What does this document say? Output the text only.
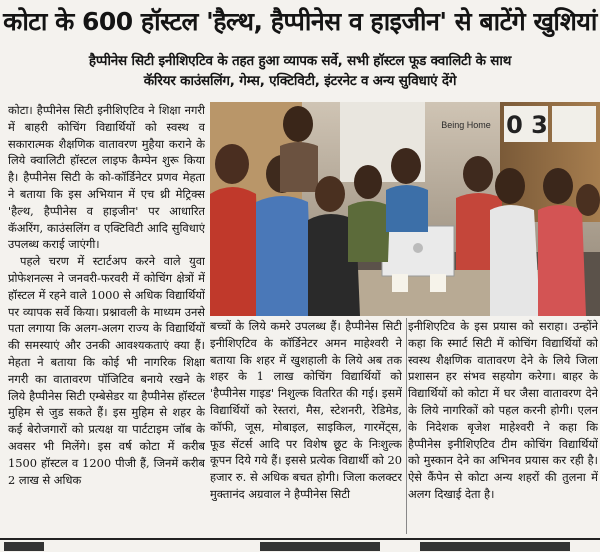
कोटा के 600 हॉस्टल 'हैल्थ, हैप्पीनेस व हाइजीन' से बाटेंगे खुशियां
हैप्पीनेस सिटी इनीशिएटिव के तहत हुआ व्यापक सर्वे, सभी हॉस्टल फूड क्वालिटी के साथ
कॅरियर काउंसलिंग, गेम्स, एक्टिविटी, इंटरनेट व अन्य सुविधाएं देंगे

कोटा। हैप्पीनेस सिटी इनीशिएटिव ने शिक्षा नगरी में बाहरी कोचिंग विद्यार्थियों को स्वस्थ व सकारात्मक शैक्षणिक वातावरण मुहैया कराने के लिये क्वालिटी हॉस्टल लाइफ कैम्पेन शुरू किया है। हैप्पीनेस सिटी के को-कॉर्डिनेटर प्रणव मेहता ने बताया कि इस अभियान में एच थ्री मेट्रिक्स 'हैल्थ, हैप्पीनेस व हाइजीन' पर आधारित कॅअरिंग, काउंसलिंग व एक्टिविटी आदि सुविधाएं उपलब्ध कराई जाएंगी।

पहले चरण में स्टार्टअप करने वाले युवा प्रोफेशनल्स ने जनवरी-फरवरी में कोचिंग क्षेत्रों में हॉस्टल में रहने वाले 1000 से अधिक विद्यार्थियों पर व्यापक सर्वे किया। प्रश्नावली के माध्यम उनसे पता लगाया कि अलग-अलग राज्य के विद्यार्थियों की समस्याएं और उनकी आवश्यकताएं क्या हैं। मेहता ने बताया कि कोई भी नागरिक शिक्षा नगरी का वातावरण पॉजिटिव बनाये रखने के लिये हैप्पीनेस सिटी एम्बेसेडर या हैप्पीनेस हॉस्टल मुहिम से जुड सकते हैं। इस मुहिम से शहर के कई बेरोजगारों को प्रत्यक्ष या पार्टटाइम जॉब के अवसर भी मिलेंगे। इस वर्ष कोटा में करीब 1500 हॉस्टल व 1200 पीजी हैं, जिनमें करीब 2 लाख से अधिक

0 3
Being Home

बच्चों के लिये कमरे उपलब्ध हैं। हैप्पीनेस सिटी इनीशिएटिव के कॉर्डिनेटर अमन माहेश्वरी ने बताया कि शहर में खुशहाली के लिये अब तक शहर के 1 लाख कोचिंग विद्यार्थियों को 'हैप्पीनेस गाइड' निशुल्क वितरित की गई। इसमें विद्यार्थियों को रेस्तरां, मैस, स्टेशनरी, रेडिमेड, कॉफी, जूस, मोबाइल, साइकिल, गारमेंट्स, फूड सेंटर्स आदि पर विशेष छूट के निःशुल्क कूपन दिये गये हैं। इससे प्रत्येक विद्यार्थी को 20 हजार रु. से अधिक बचत होगी। जिला कलक्टर मुक्तानंद अग्रवाल ने हैप्पीनेस सिटी

इनीशिएटिव के इस प्रयास को सराहा। उन्होंने कहा कि स्मार्ट सिटी में कोचिंग विद्यार्थियों को स्वस्थ शैक्षणिक वातावरण देने के लिये जिला प्रशासन हर संभव सहयोग करेगा। बाहर के विद्यार्थियों को कोटा में घर जैसा वातावरण देने के लिये नागरिकों को पहल करनी होगी। एलन के निदेशक बृजेश माहेश्वरी ने कहा कि हैप्पीनेस इनीशिएटिव टीम कोचिंग विद्यार्थियों को मुस्कान देने का अभिनव प्रयास कर रही है। ऐसे कैंपेन से कोटा अन्य शहरों की तुलना में अलग दिखाई देता है।
